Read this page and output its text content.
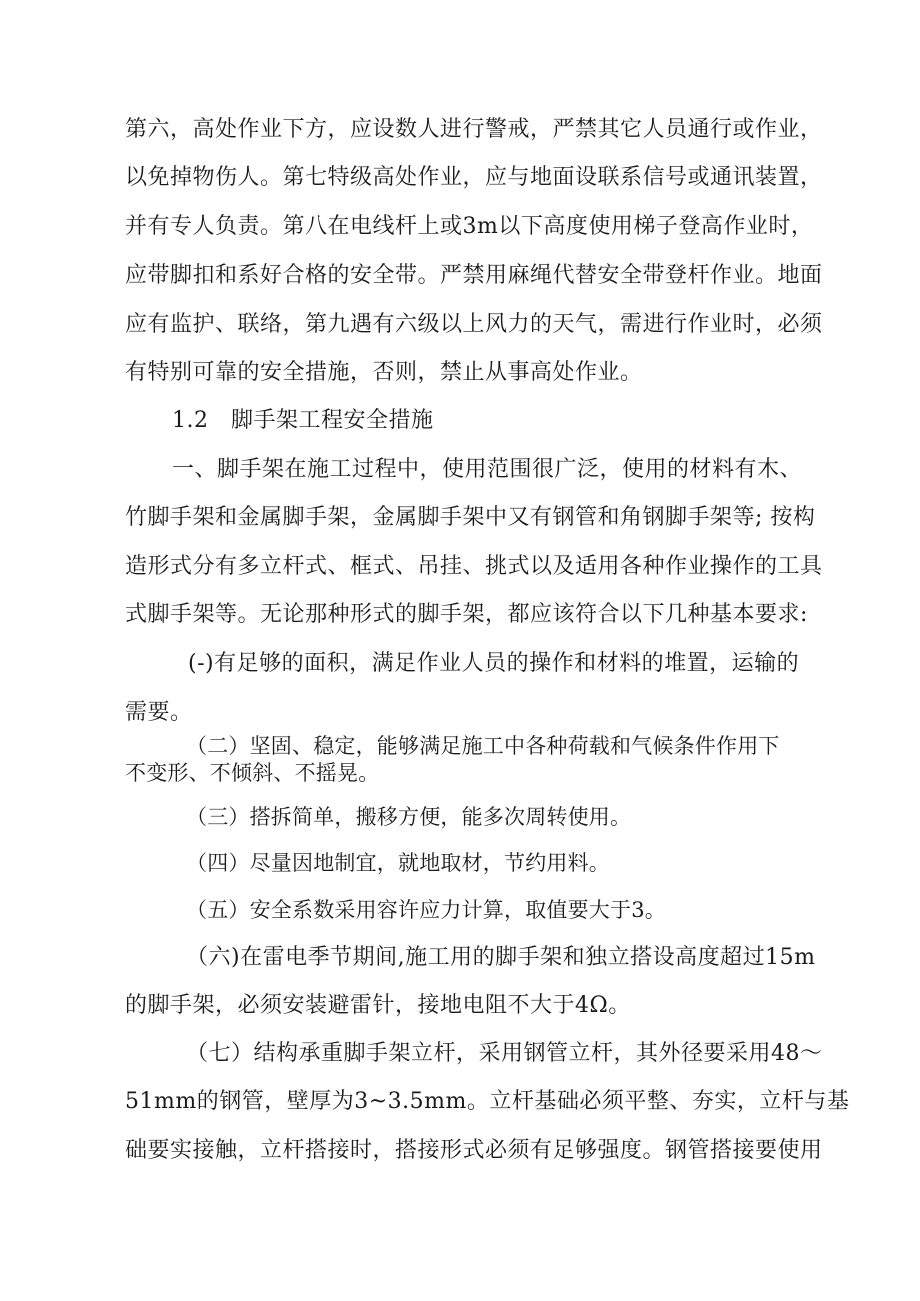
第六，高处作业下方，应设数人进行警戒，严禁其它人员通行或作业，
以免掉物伤人。第七特级高处作业，应与地面设联系信号或通讯装置，
并有专人负责。第八在电线杆上或3m以下高度使用梯子登高作业时，
应带脚扣和系好合格的安全带。严禁用麻绳代替安全带登杆作业。地面
应有监护、联络，第九遇有六级以上风力的天气，需进行作业时，必须
有特别可靠的安全措施，否则，禁止从事高处作业。
1.2　脚手架工程安全措施
一、脚手架在施工过程中，使用范围很广泛，使用的材料有木、
竹脚手架和金属脚手架，金属脚手架中又有钢管和角钢脚手架等; 按构
造形式分有多立杆式、框式、吊挂、挑式以及适用各种作业操作的工具
式脚手架等。无论那种形式的脚手架，都应该符合以下几种基本要求:
(-)有足够的面积，满足作业人员的操作和材料的堆置，运输的
需要。
（二）坚固、稳定，能够满足施工中各种荷载和气候条件作用下
不变形、不倾斜、不摇晃。
（三）搭拆简单，搬移方便，能多次周转使用。
（四）尽量因地制宜，就地取材，节约用料。
（五）安全系数采用容许应力计算，取值要大于3。
（六)在雷电季节期间,施工用的脚手架和独立搭设高度超过15m
的脚手架，必须安装避雷针，接地电阻不大于4Ω。
（七）结构承重脚手架立杆，采用钢管立杆，其外径要采用48〜
51mm的钢管，壁厚为3~3.5mm。立杆基础必须平整、夯实，立杆与基
础要实接触，立杆搭接时，搭接形式必须有足够强度。钢管搭接要使用
